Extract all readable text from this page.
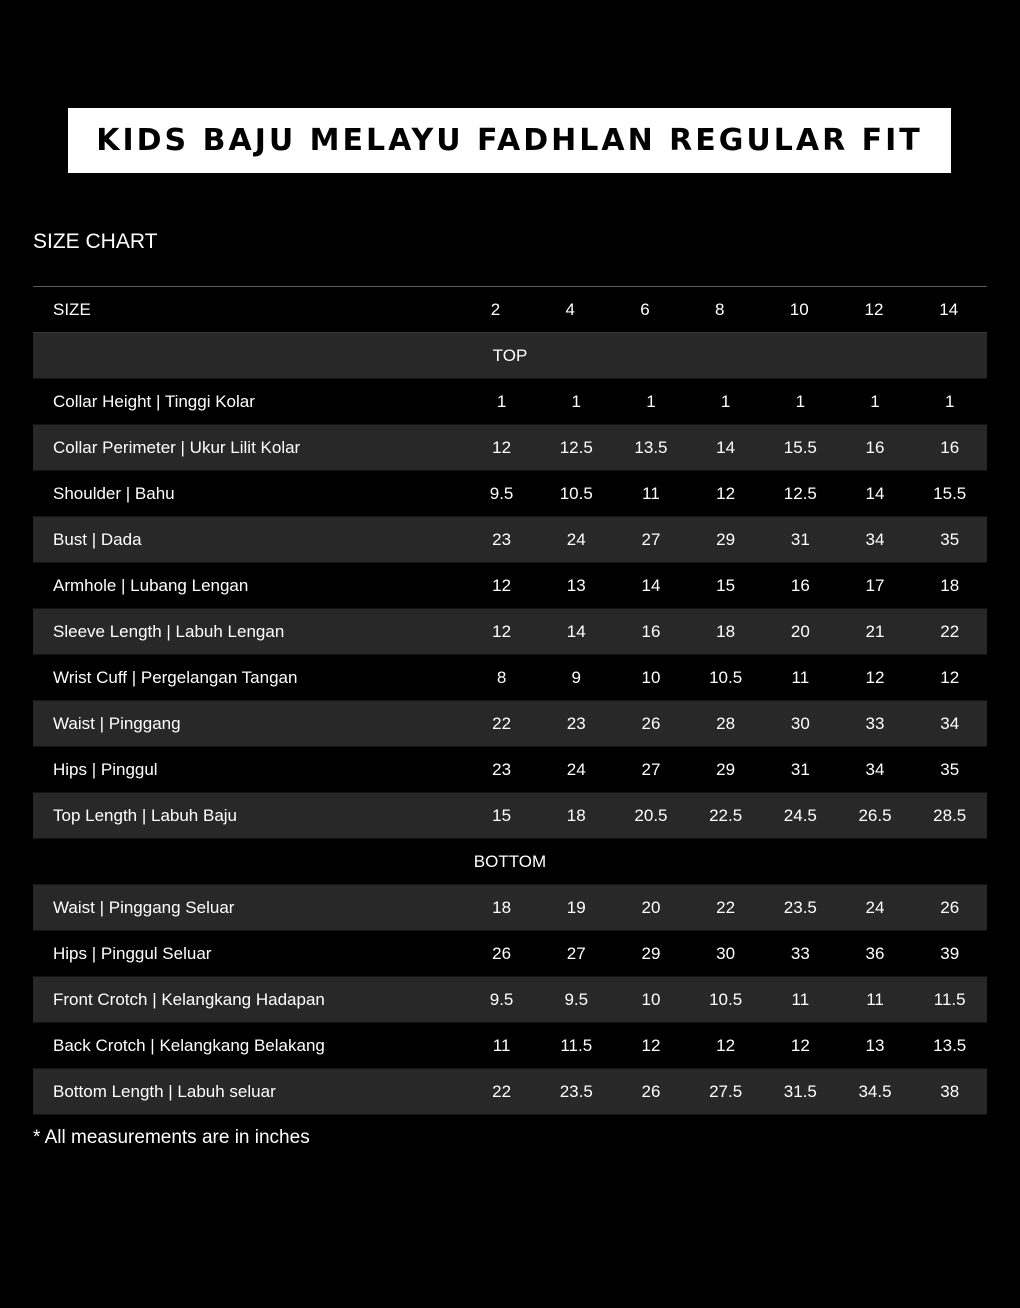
KIDS BAJU MELAYU FADHLAN REGULAR FIT
SIZE CHART
SIZE	2	4	6	8	10	12	14
TOP
Collar Height | Tinggi Kolar	1	1	1	1	1	1	1
Collar Perimeter | Ukur Lilit Kolar	12	12.5	13.5	14	15.5	16	16
Shoulder | Bahu	9.5	10.5	11	12	12.5	14	15.5
Bust | Dada	23	24	27	29	31	34	35
Armhole | Lubang Lengan	12	13	14	15	16	17	18
Sleeve Length | Labuh Lengan	12	14	16	18	20	21	22
Wrist Cuff | Pergelangan Tangan	8	9	10	10.5	11	12	12
Waist | Pinggang	22	23	26	28	30	33	34
Hips | Pinggul	23	24	27	29	31	34	35
Top Length | Labuh Baju	15	18	20.5	22.5	24.5	26.5	28.5
BOTTOM
Waist | Pinggang Seluar	18	19	20	22	23.5	24	26
Hips | Pinggul Seluar	26	27	29	30	33	36	39
Front Crotch | Kelangkang Hadapan	9.5	9.5	10	10.5	11	11	11.5
Back Crotch | Kelangkang Belakang	11	11.5	12	12	12	13	13.5
Bottom Length | Labuh seluar	22	23.5	26	27.5	31.5	34.5	38
* All measurements are in inches
